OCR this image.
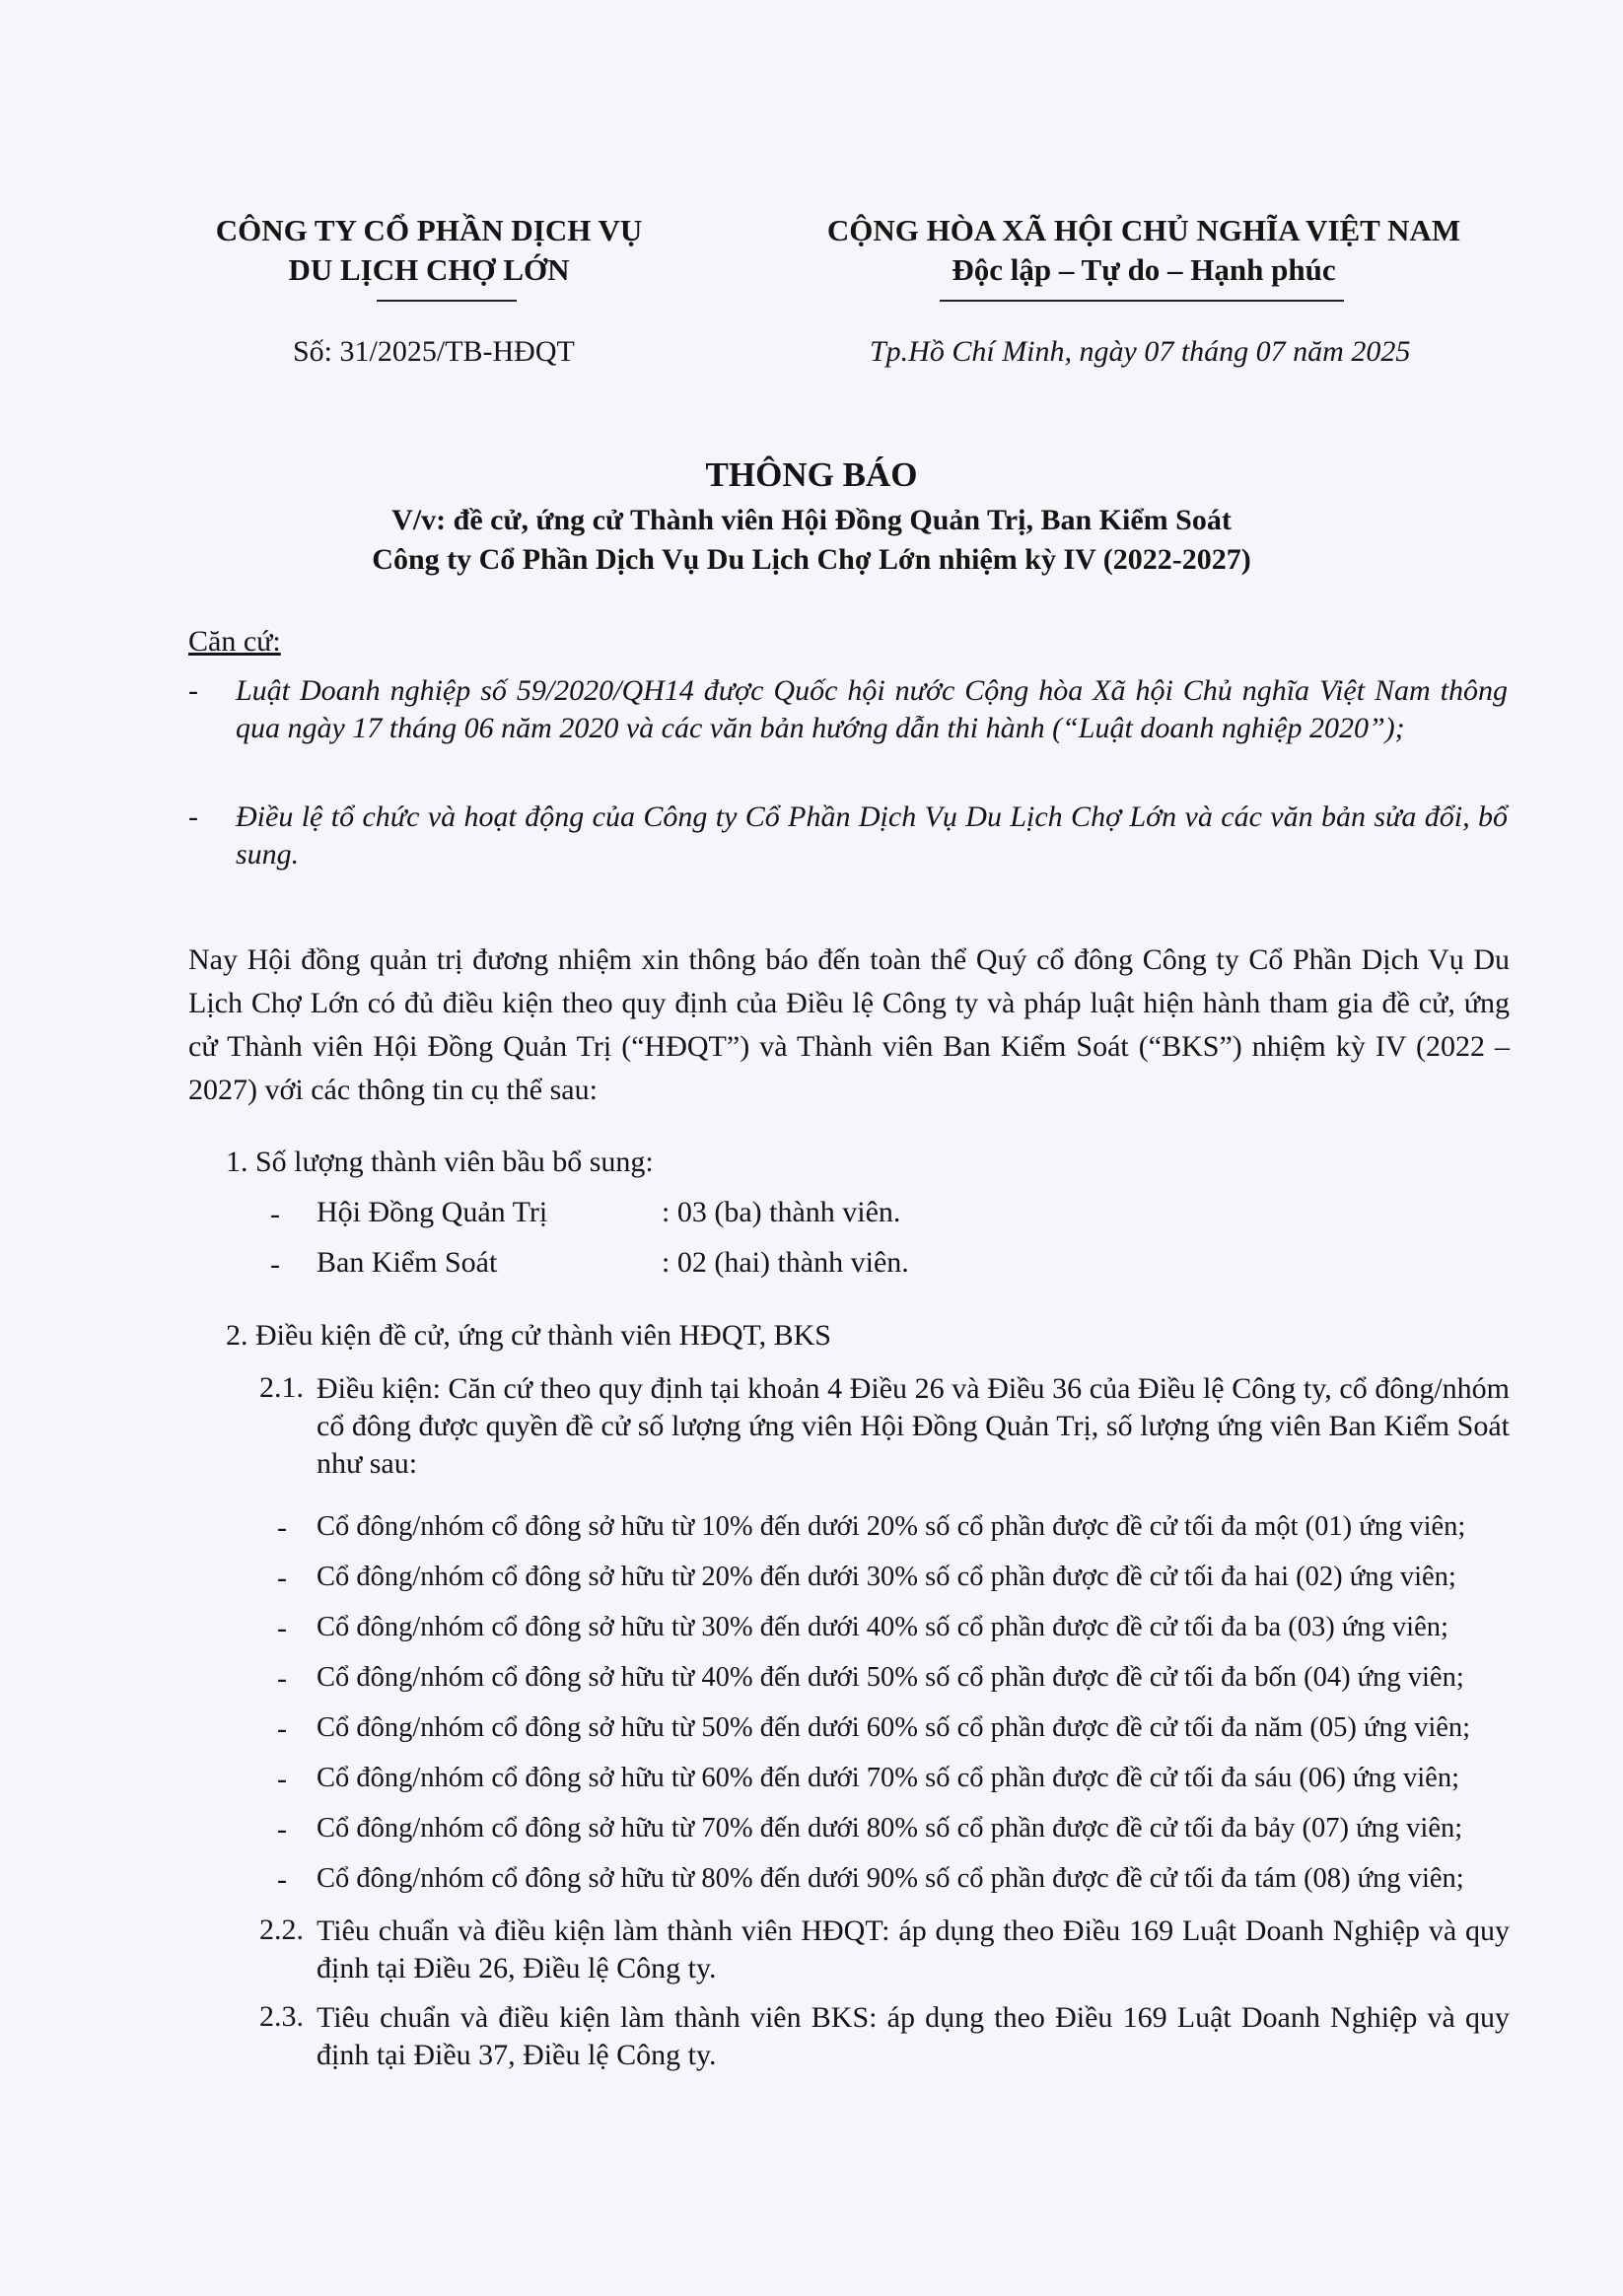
CÔNG TY CỔ PHẦN DỊCH VỤ
DU LỊCH CHỢ LỚN
CỘNG HÒA XÃ HỘI CHỦ NGHĨA VIỆT NAM
Độc lập – Tự do – Hạnh phúc
Số: 31/2025/TB-HĐQT	Tp.Hồ Chí Minh, ngày 07 tháng 07 năm 2025
THÔNG BÁO
V/v: đề cử, ứng cử Thành viên Hội Đồng Quản Trị, Ban Kiểm Soát
Công ty Cổ Phần Dịch Vụ Du Lịch Chợ Lớn nhiệm kỳ IV (2022-2027)
Căn cứ:
- Luật Doanh nghiệp số 59/2020/QH14 được Quốc hội nước Cộng hòa Xã hội Chủ nghĩa Việt Nam thông qua ngày 17 tháng 06 năm 2020 và các văn bản hướng dẫn thi hành (“Luật doanh nghiệp 2020”);
- Điều lệ tổ chức và hoạt động của Công ty Cổ Phần Dịch Vụ Du Lịch Chợ Lớn và các văn bản sửa đổi, bổ sung.
Nay Hội đồng quản trị đương nhiệm xin thông báo đến toàn thể Quý cổ đông Công ty Cổ Phần Dịch Vụ Du Lịch Chợ Lớn có đủ điều kiện theo quy định của Điều lệ Công ty và pháp luật hiện hành tham gia đề cử, ứng cử Thành viên Hội Đồng Quản Trị (“HĐQT”) và Thành viên Ban Kiểm Soát (“BKS”) nhiệm kỳ IV (2022 – 2027) với các thông tin cụ thể sau:
1. Số lượng thành viên bầu bổ sung:
- Hội Đồng Quản Trị	: 03 (ba) thành viên.
- Ban Kiểm Soát	: 02 (hai) thành viên.
2. Điều kiện đề cử, ứng cử thành viên HĐQT, BKS
2.1. Điều kiện: Căn cứ theo quy định tại khoản 4 Điều 26 và Điều 36 của Điều lệ Công ty, cổ đông/nhóm cổ đông được quyền đề cử số lượng ứng viên Hội Đồng Quản Trị, số lượng ứng viên Ban Kiểm Soát như sau:
- Cổ đông/nhóm cổ đông sở hữu từ 10% đến dưới 20% số cổ phần được đề cử tối đa một (01) ứng viên;
- Cổ đông/nhóm cổ đông sở hữu từ 20% đến dưới 30% số cổ phần được đề cử tối đa hai (02) ứng viên;
- Cổ đông/nhóm cổ đông sở hữu từ 30% đến dưới 40% số cổ phần được đề cử tối đa ba (03) ứng viên;
- Cổ đông/nhóm cổ đông sở hữu từ 40% đến dưới 50% số cổ phần được đề cử tối đa bốn (04) ứng viên;
- Cổ đông/nhóm cổ đông sở hữu từ 50% đến dưới 60% số cổ phần được đề cử tối đa năm (05) ứng viên;
- Cổ đông/nhóm cổ đông sở hữu từ 60% đến dưới 70% số cổ phần được đề cử tối đa sáu (06) ứng viên;
- Cổ đông/nhóm cổ đông sở hữu từ 70% đến dưới 80% số cổ phần được đề cử tối đa bảy (07) ứng viên;
- Cổ đông/nhóm cổ đông sở hữu từ 80% đến dưới 90% số cổ phần được đề cử tối đa tám (08) ứng viên;
2.2. Tiêu chuẩn và điều kiện làm thành viên HĐQT: áp dụng theo Điều 169 Luật Doanh Nghiệp và quy định tại Điều 26, Điều lệ Công ty.
2.3. Tiêu chuẩn và điều kiện làm thành viên BKS: áp dụng theo Điều 169 Luật Doanh Nghiệp và quy định tại Điều 37, Điều lệ Công ty.
